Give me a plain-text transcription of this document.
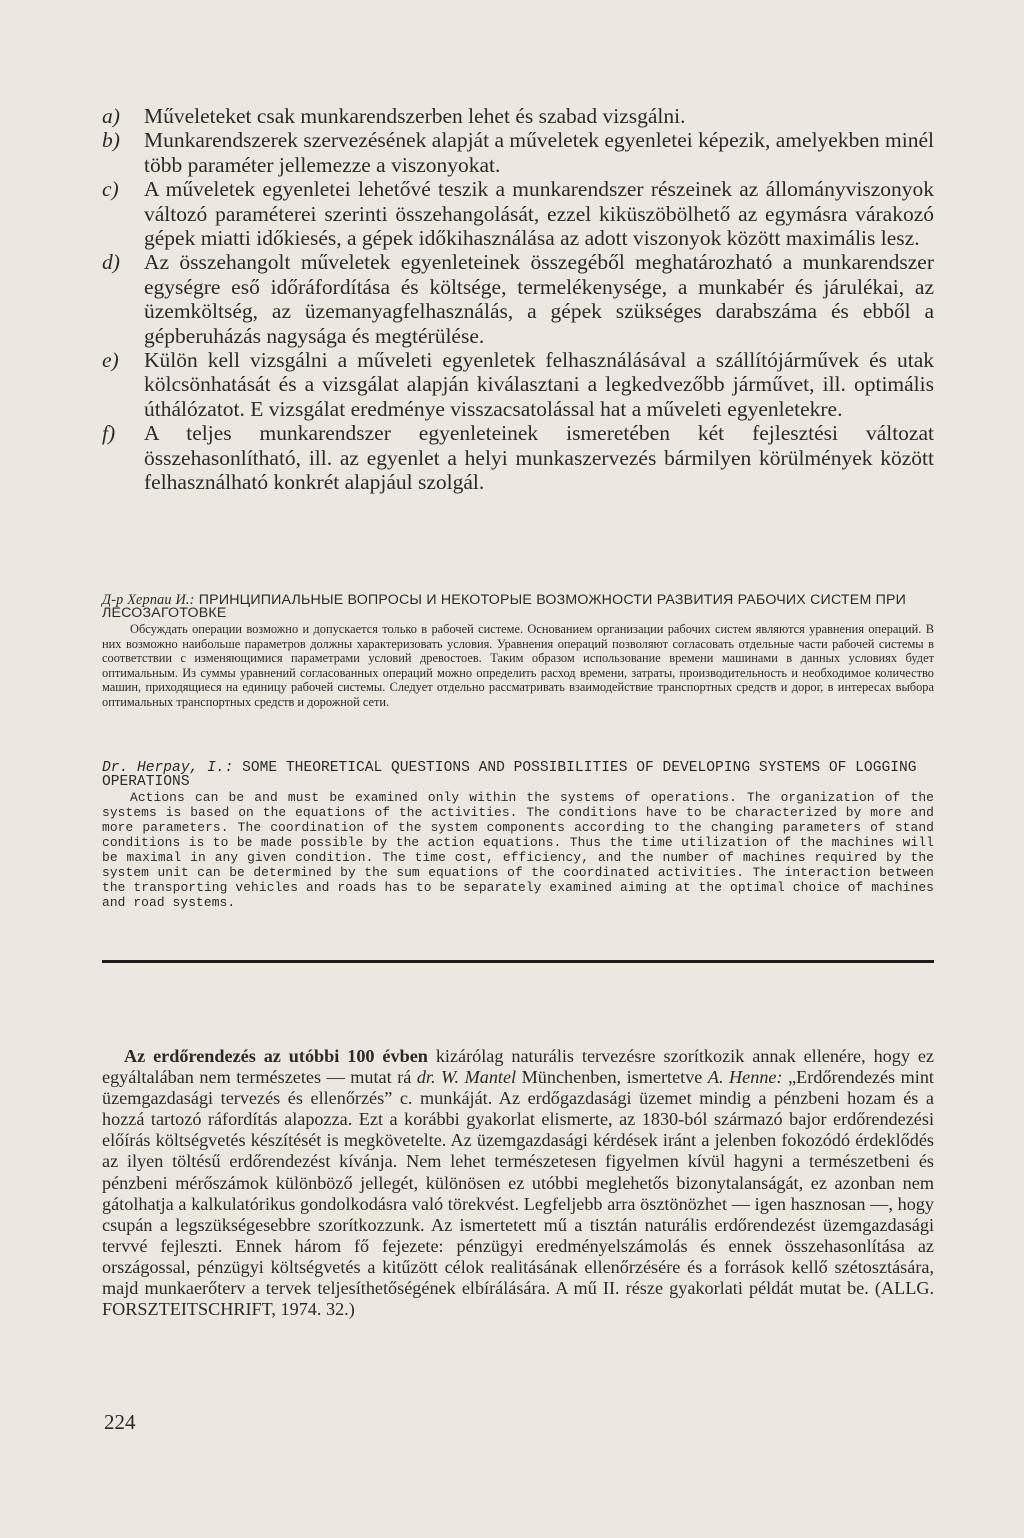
a) Műveleteket csak munkarendszerben lehet és szabad vizsgálni.

b) Munkarendszerek szervezésének alapját a műveletek egyenletei képezik, amelyekben minél több paraméter jellemezze a viszonyokat.

c) A műveletek egyenletei lehetővé teszik a munkarendszer részeinek az állományviszonyok változó paraméterei szerinti összehangolását, ezzel kiküszöbölhető az egymásra várakozó gépek miatti időkiesés, a gépek időkihasználása az adott viszonyok között maximális lesz.

d) Az összehangolt műveletek egyenleteinek összegéből meghatározható a munkarendszer egységre eső időráfordítása és költsége, termelékenysége, a munkabér és járulékai, az üzemköltség, az üzemanyagfelhasználás, a gépek szükséges darabszáma és ebből a gépberuházás nagysága és megtérülése.

e) Külön kell vizsgálni a műveleti egyenletek felhasználásával a szállítójárművek és utak kölcsönhatását és a vizsgálat alapján kiválasztani a legkedvezőbb járművet, ill. optimális úthálózatot. E vizsgálat eredménye visszacsatolással hat a műveleti egyenletekre.

f) A teljes munkarendszer egyenleteinek ismeretében két fejlesztési változat összehasonlítható, ill. az egyenlet a helyi munkaszervezés bármilyen körülmények között felhasználható konkrét alapjául szolgál.

Д-р Херпаи И.: ПРИНЦИПИАЛЬНЫЕ ВОПРОСЫ И НЕКОТОРЫЕ ВОЗМОЖНОСТИ РАЗВИТИЯ РАБОЧИХ СИСТЕМ ПРИ ЛЕСОЗАГОТОВКЕ

Обсуждать операции возможно и допускается только в рабочей системе. Основанием организации рабочих систем являются уравнения операций. В них возможно наибольше параметров должны характеризовать условия. Уравнения операций позволяют согласовать отдельные части рабочей системы в соответствии с изменяющимися параметрами условий древостоев. Таким образом использование времени машинами в данных условиях будет оптимальным. Из суммы уравнений согласованных операций можно определить расход времени, затраты, производительность и необходимое количество машин, приходящиеся на единицу рабочей системы. Следует отдельно рассматривать взаимодействие транспортных средств и дорог, в интересах выбора оптимальных транспортных средств и дорожной сети.

Dr. Herpay, I.: SOME THEORETICAL QUESTIONS AND POSSIBILITIES OF DEVELOPING SYSTEMS OF LOGGING OPERATIONS

Actions can be and must be examined only within the systems of operations. The organization of the systems is based on the equations of the activities. The conditions have to be characterized by more and more parameters. The coordination of the system components according to the changing parameters of stand conditions is to be made possible by the action equations. Thus the time utilization of the machines will be maximal in any given condition. The time cost, efficiency, and the number of machines required by the system unit can be determined by the sum equations of the coordinated activities. The interaction between the transporting vehicles and roads has to be separately examined aiming at the optimal choice of machines and road systems.

Az erdőrendezés az utóbbi 100 évben kizárólag naturális tervezésre szorítkozik annak ellenére, hogy ez egyáltalában nem természetes — mutat rá dr. W. Mantel Münchenben, ismertetve A. Henne: „Erdőrendezés mint üzemgazdasági tervezés és ellenőrzés” c. munkáját. Az erdőgazdasági üzemet mindig a pénzbeni hozam és a hozzá tartozó ráfordítás alapozza. Ezt a korábbi gyakorlat elismerte, az 1830-ból származó bajor erdőrendezési előírás költségvetés készítését is megkövetelte. Az üzemgazdasági kérdések iránt a jelenben fokozódó érdeklődés az ilyen töltésű erdőrendezést kívánja. Nem lehet természetesen figyelmen kívül hagyni a természetbeni és pénzbeni mérőszámok különböző jellegét, különösen ez utóbbi meglehetős bizonytalanságát, ez azonban nem gátolhatja a kalkulatórikus gondolkodásra való törekvést. Legfeljebb arra ösztönözhet — igen hasznosan —, hogy csupán a legszükségesebbre szorítkozzunk. Az ismertetett mű a tisztán naturális erdőrendezést üzemgazdasági tervvé fejleszti. Ennek három fő fejezete: pénzügyi eredményelszámolás és ennek összehasonlítása az országossal, pénzügyi költségvetés a kitűzött célok realitásának ellenőrzésére és a források kellő szétosztására, majd munkaerőterv a tervek teljesíthetőségének elbírálására. A mű II. része gyakorlati példát mutat be. (ALLG. FORSZTEITSCHRIFT, 1974. 32.)

224
